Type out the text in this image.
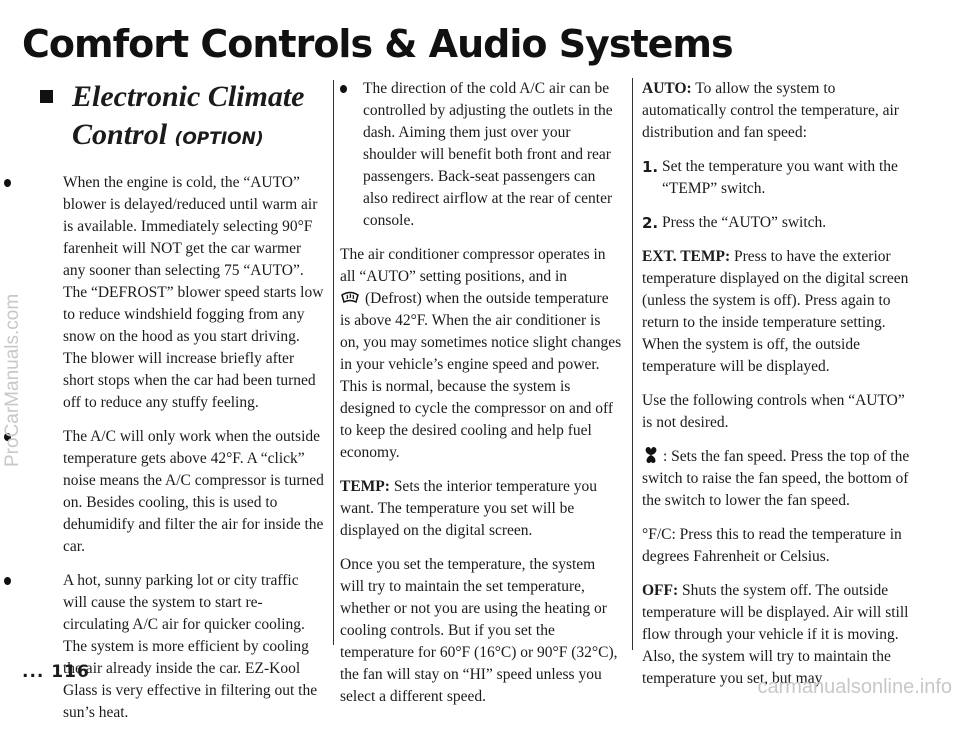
Comfort Controls & Audio Systems
Electronic Climate
Control (OPTION)
When the engine is cold, the “AUTO” blower is delayed/reduced until warm air is available. Immediately selecting 90°F farenheit will NOT get the car warmer any sooner than selecting 75 “AUTO”. The “DEFROST” blower speed starts low to reduce windshield fogging from any snow on the hood as you start driving. The blower will increase briefly after short stops when the car had been turned off to reduce any stuffy feeling.
The A/C will only work when the outside temperature gets above 42°F. A “click” noise means the A/C compressor is turned on. Besides cooling, this is used to dehumidify and filter the air for inside the car.
A hot, sunny parking lot or city traffic will cause the system to start re-circulating A/C air for quicker cooling. The system is more efficient by cooling the air already inside the car. EZ-Kool Glass is very effective in filtering out the sun’s heat.
The direction of the cold A/C air can be controlled by adjusting the outlets in the dash. Aiming them just over your shoulder will benefit both front and rear passengers. Back-seat passengers can also redirect airflow at the rear of center console.

The air conditioner compressor operates in all “AUTO” setting positions, and in
(Defrost) when the outside temperature is above 42°F. When the air conditioner is on, you may sometimes notice slight changes in your vehicle’s engine speed and power. This is normal, because the system is designed to cycle the compressor on and off to keep the desired cooling and help fuel economy.

TEMP: Sets the interior temperature you want. The temperature you set will be displayed on the digital screen.

Once you set the temperature, the system will try to maintain the set temperature, whether or not you are using the heating or cooling controls. But if you set the temperature for 60°F (16°C) or 90°F (32°C), the fan will stay on “HI” speed unless you select a different speed.

AUTO: To allow the system to automatically control the temperature, air distribution and fan speed:

1. Set the temperature you want with the “TEMP” switch.
2. Press the “AUTO” switch.

EXT. TEMP: Press to have the exterior temperature displayed on the digital screen (unless the system is off). Press again to return to the inside temperature setting. When the system is off, the outside temperature will be displayed.

Use the following controls when “AUTO” is not desired.

: Sets the fan speed. Press the top of the switch to raise the fan speed, the bottom of the switch to lower the fan speed.

°F/C: Press this to read the temperature in degrees Fahrenheit or Celsius.

OFF: Shuts the system off. The outside temperature will be displayed. Air will still flow through your vehicle if it is moving. Also, the system will try to maintain the temperature you set, but may

... 116
ProCarManuals.com
carmanualsonline.info
